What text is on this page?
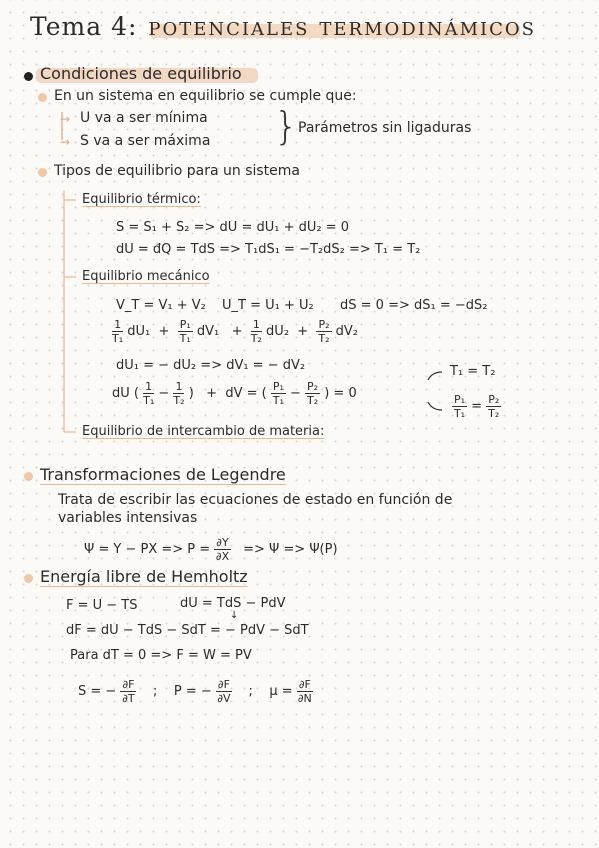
Tema 4: potenciales termodinámicos
Condiciones de equilibrio
En un sistema en equilibrio se cumple que:
→ U va a ser mínima
→ S va a ser máxima } Parámetros sin ligaduras
Tipos de equilibrio para un sistema
Equilibrio térmico:
S = S₁ + S₂ => dU = dU₁ + dU₂ = 0
dU = đQ = TdS => T₁dS₁ = −T₂dS₂ => T₁ = T₂
Equilibrio mecánico
V_T = V₁ + V₂ U_T = U₁ + U₂ dS = 0 => dS₁ = −dS₂
$\frac{1}{\text{T₁}} dU_1 + \frac{\text{P₁}}{\text{T₁}} dV_1 + \frac{1}{\text{T₂}} dU_2 + \frac{\text{P₂}}{\text{T₂}} dV_2$
dU₁ = − dU₂ => dV₁ = − dV₂
dU ( $\frac{1}{\text{T₁}} - \frac{1}{\text{T₂}}$ )   +  dV = ( $\frac{\text{P₁}}{\text{T₁}} - \frac{\text{P₂}}{\text{T₂}}$ ) = 0
T₁ = T₂
$\frac{\text{P₁}}{\text{T₁}} = \frac{\text{P₂}}{\text{T₂}}$
Equilibrio de intercambio de materia:
Transformaciones de Legendre
Trata de escribir las ecuaciones de estado en función de
variables intensivas
Ψ = Y − PX => $P = \frac{\partial Y}{\partial X} => \Psi => \Psi(P)$
Energía libre de Hemholtz
F = U − TS	dU = TdS − PdV
↓
dF = dU − TdS − SdT = − PdV − SdT
Para dT = 0 => F = W = PV
S = − $\frac{\partial F}{\partial T}$ ;    P = − $\frac{\partial F}{\partial V}$ ;    $\mu = \frac{\partial F}{\partial N}$
